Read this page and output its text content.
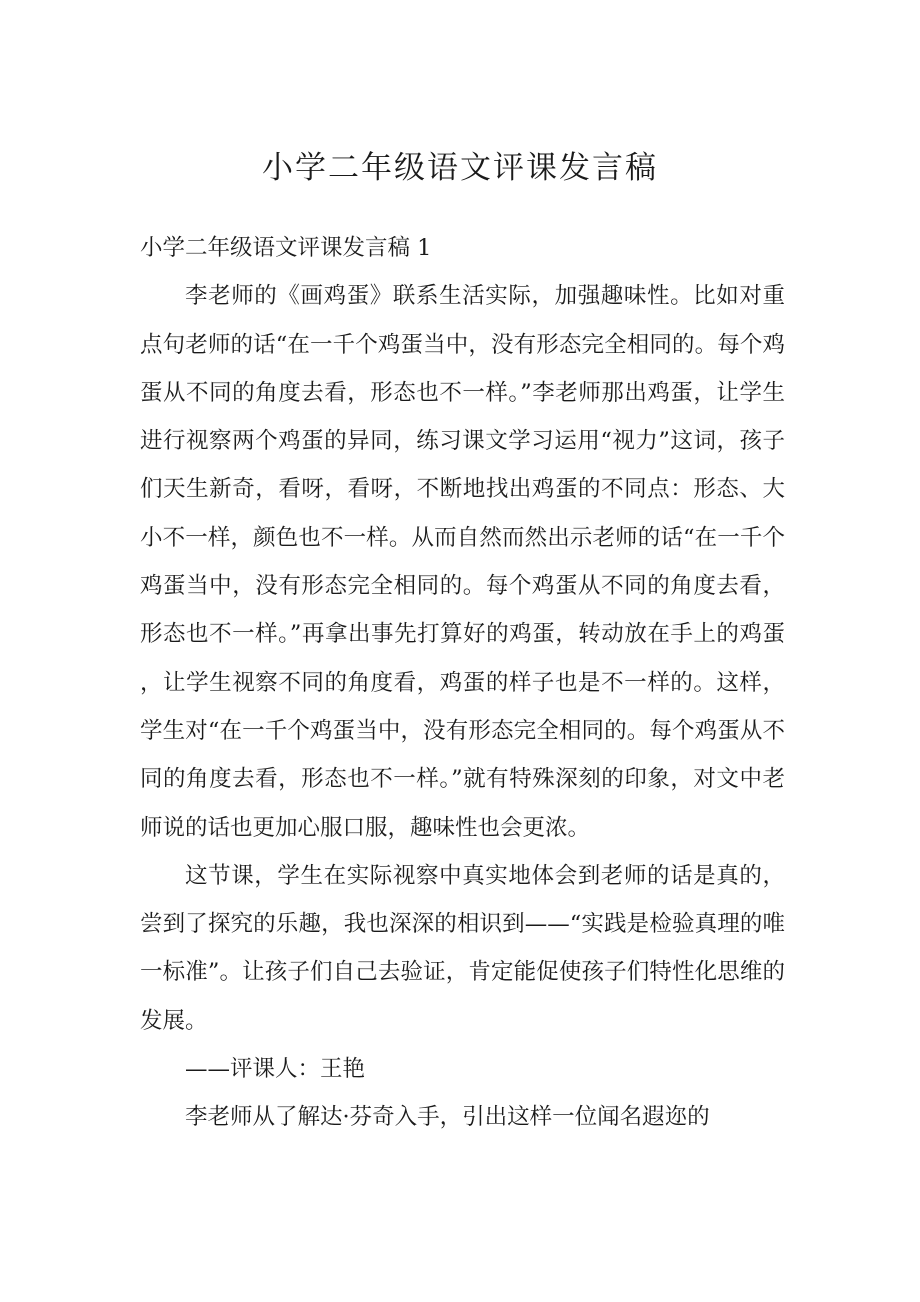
小学二年级语文评课发言稿

小学二年级语文评课发言稿 1

李老师的《画鸡蛋》联系生活实际，加强趣味性。比如对重点句老师的话“在一千个鸡蛋当中，没有形态完全相同的。每个鸡蛋从不同的角度去看，形态也不一样。”李老师那出鸡蛋，让学生进行视察两个鸡蛋的异同，练习课文学习运用“视力”这词，孩子们天生新奇，看呀，看呀，不断地找出鸡蛋的不同点：形态、大小不一样，颜色也不一样。从而自然而然出示老师的话“在一千个鸡蛋当中，没有形态完全相同的。每个鸡蛋从不同的角度去看，形态也不一样。”再拿出事先打算好的鸡蛋，转动放在手上的鸡蛋，让学生视察不同的角度看，鸡蛋的样子也是不一样的。这样，学生对“在一千个鸡蛋当中，没有形态完全相同的。每个鸡蛋从不同的角度去看，形态也不一样。”就有特殊深刻的印象，对文中老师说的话也更加心服口服，趣味性也会更浓。

这节课，学生在实际视察中真实地体会到老师的话是真的，尝到了探究的乐趣，我也深深的相识到——“实践是检验真理的唯一标准”。让孩子们自己去验证，肯定能促使孩子们特性化思维的发展。

——评课人：王艳

李老师从了解达·芬奇入手，引出这样一位闻名遐迩的
